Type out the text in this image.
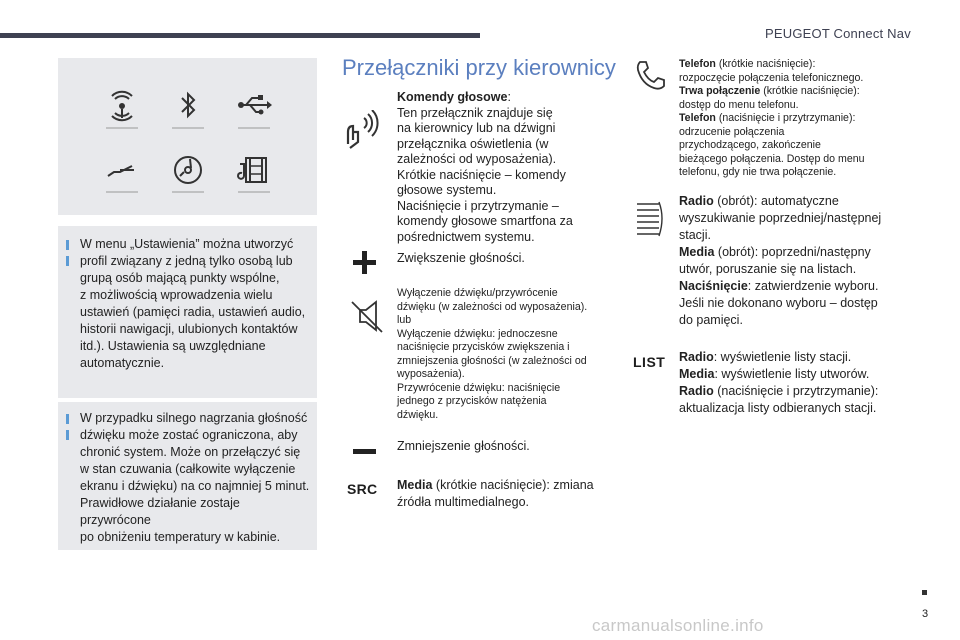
PEUGEOT Connect Nav
W menu „Ustawienia” można utworzyć
profil związany z jedną tylko osobą lub
grupą osób mającą punkty wspólne,
z możliwością wprowadzenia wielu
ustawień (pamięci radia, ustawień audio,
historii nawigacji, ulubionych kontaktów
itd.). Ustawienia są uwzględniane
automatycznie.
W przypadku silnego nagrzania głośność
dźwięku może zostać ograniczona, aby
chronić system. Może on przełączyć się
w stan czuwania (całkowite wyłączenie
ekranu i dźwięku) na co najmniej 5 minut.
Prawidłowe działanie zostaje przywrócone
po obniżeniu temperatury w kabinie.
Przełączniki przy kierownicy
Komendy głosowe:
Ten przełącznik znajduje się
na kierownicy lub na dźwigni
przełącznika oświetlenia (w
zależności od wyposażenia).
Krótkie naciśnięcie – komendy
głosowe systemu.
Naciśnięcie i przytrzymanie –
komendy głosowe smartfona za
pośrednictwem systemu.
Zwiększenie głośności.
Wyłączenie dźwięku/przywrócenie
dźwięku (w zależności od wyposażenia).
lub
Wyłączenie dźwięku: jednoczesne
naciśnięcie przycisków zwiększenia i
zmniejszenia głośności (w zależności od
wyposażenia).
Przywrócenie dźwięku: naciśnięcie
jednego z przycisków natężenia
dźwięku.
Zmniejszenie głośności.
SRC Media (krótkie naciśnięcie): zmiana
źródła multimedialnego.
Telefon (krótkie naciśnięcie):
rozpoczęcie połączenia telefonicznego.
Trwa połączenie (krótkie naciśnięcie):
dostęp do menu telefonu.
Telefon (naciśnięcie i przytrzymanie):
odrzucenie połączenia
przychodzącego, zakończenie
bieżącego połączenia. Dostęp do menu
telefonu, gdy nie trwa połączenie.
Radio (obrót): automatyczne
wyszukiwanie poprzedniej/następnej
stacji.
Media (obrót): poprzedni/następny
utwór, poruszanie się na listach.
Naciśnięcie: zatwierdzenie wyboru.
Jeśli nie dokonano wyboru – dostęp
do pamięci.
LIST Radio: wyświetlenie listy stacji.
Media: wyświetlenie listy utworów.
Radio (naciśnięcie i przytrzymanie):
aktualizacja listy odbieranych stacji.
3
carmanualsonline.info
